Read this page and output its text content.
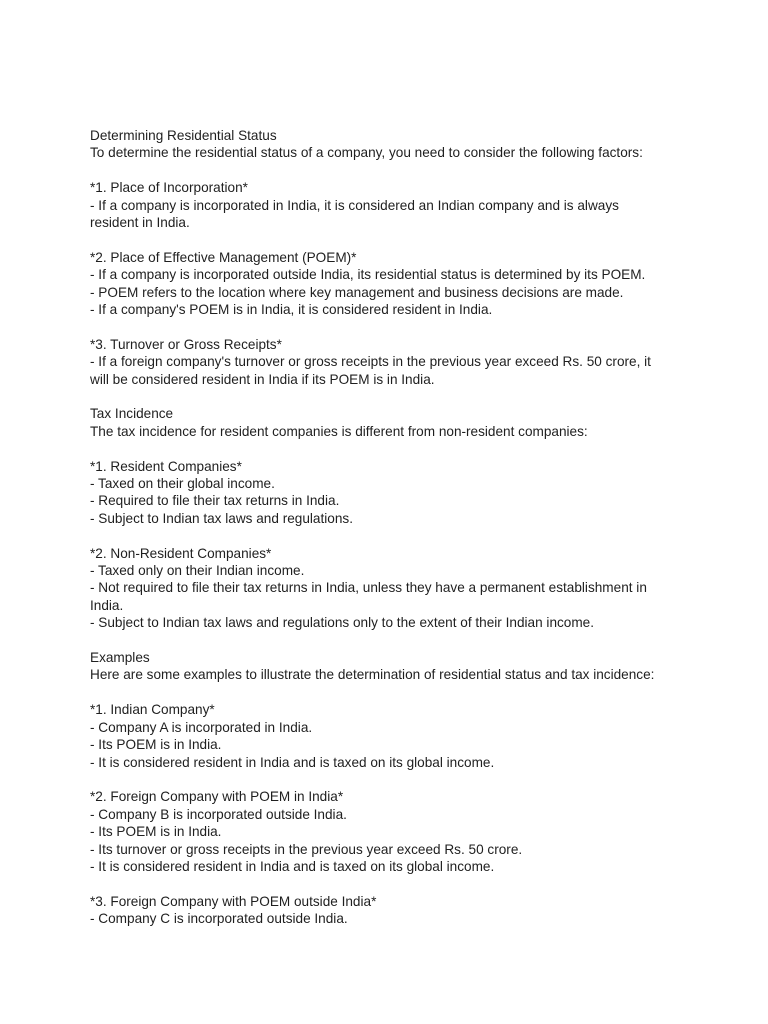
Determining Residential Status
To determine the residential status of a company, you need to consider the following factors:
*1. Place of Incorporation*
- If a company is incorporated in India, it is considered an Indian company and is always
resident in India.
*2. Place of Effective Management (POEM)*
- If a company is incorporated outside India, its residential status is determined by its POEM.
- POEM refers to the location where key management and business decisions are made.
- If a company's POEM is in India, it is considered resident in India.
*3. Turnover or Gross Receipts*
- If a foreign company's turnover or gross receipts in the previous year exceed Rs. 50 crore, it
will be considered resident in India if its POEM is in India.
Tax Incidence
The tax incidence for resident companies is different from non-resident companies:
*1. Resident Companies*
- Taxed on their global income.
- Required to file their tax returns in India.
- Subject to Indian tax laws and regulations.
*2. Non-Resident Companies*
- Taxed only on their Indian income.
- Not required to file their tax returns in India, unless they have a permanent establishment in
India.
- Subject to Indian tax laws and regulations only to the extent of their Indian income.
Examples
Here are some examples to illustrate the determination of residential status and tax incidence:
*1. Indian Company*
- Company A is incorporated in India.
- Its POEM is in India.
- It is considered resident in India and is taxed on its global income.
*2. Foreign Company with POEM in India*
- Company B is incorporated outside India.
- Its POEM is in India.
- Its turnover or gross receipts in the previous year exceed Rs. 50 crore.
- It is considered resident in India and is taxed on its global income.
*3. Foreign Company with POEM outside India*
- Company C is incorporated outside India.
